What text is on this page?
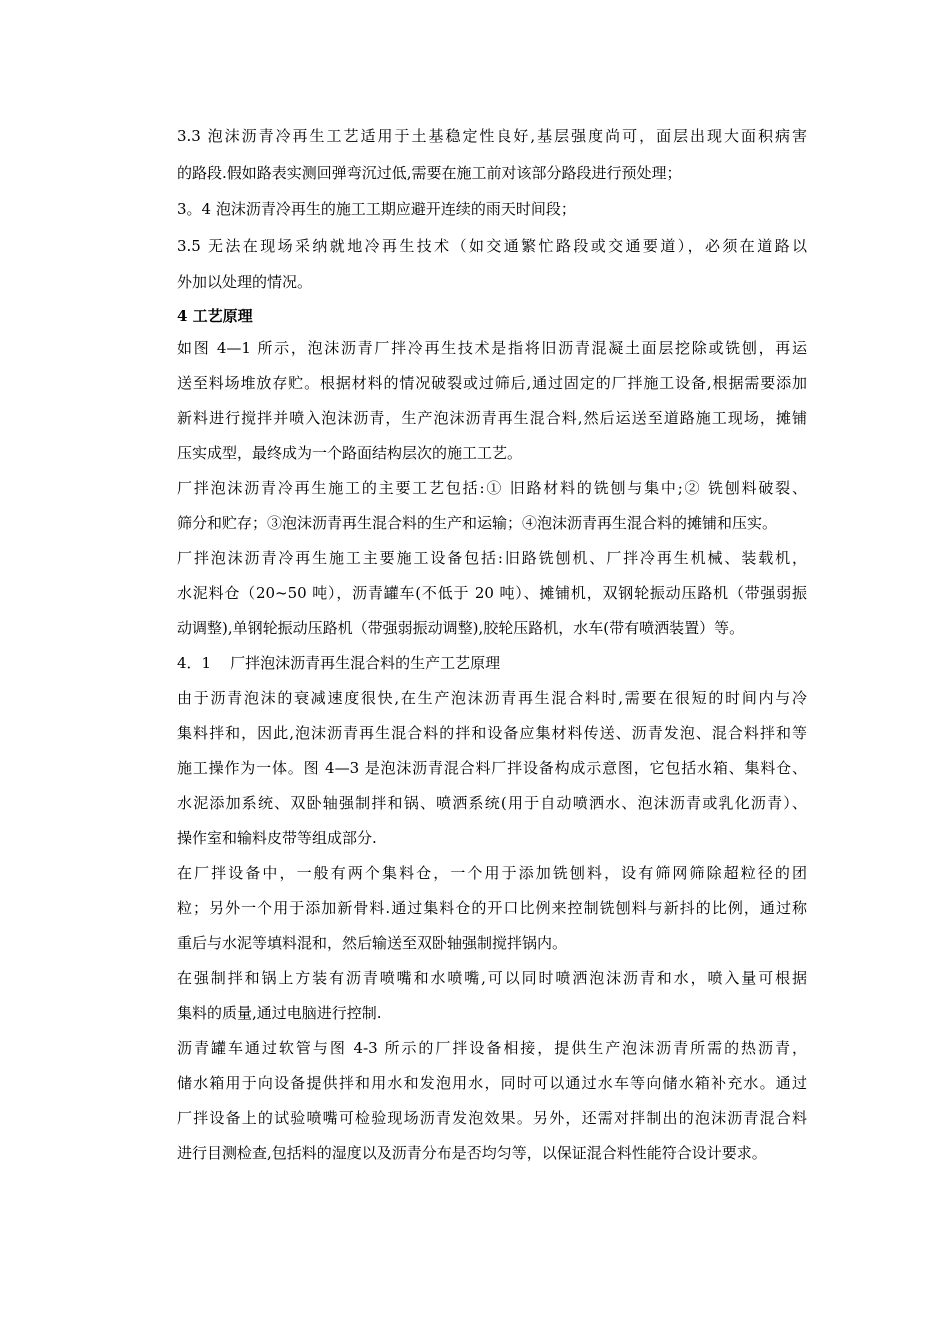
3.3 泡沫沥青冷再生工艺适用于土基稳定性良好,基层强度尚可，面层出现大面积病害
的路段.假如路表实测回弹弯沉过低,需要在施工前对该部分路段进行预处理；

3。4 泡沫沥青冷再生的施工工期应避开连续的雨天时间段；

3.5 无法在现场采纳就地冷再生技术（如交通繁忙路段或交通要道），必须在道路以
外加以处理的情况。

4 工艺原理

如图 4—1 所示，泡沫沥青厂拌冷再生技术是指将旧沥青混凝土面层挖除或铣刨，再运
送至料场堆放存贮。根据材料的情况破裂或过筛后,通过固定的厂拌施工设备,根据需要添加
新料进行搅拌并喷入泡沫沥青，生产泡沫沥青再生混合料,然后运送至道路施工现场，摊铺
压实成型，最终成为一个路面结构层次的施工工艺。

厂拌泡沫沥青冷再生施工的主要工艺包括:① 旧路材料的铣刨与集中;② 铣刨料破裂、
筛分和贮存；③泡沫沥青再生混合料的生产和运输；④泡沫沥青再生混合料的摊铺和压实。

厂拌泡沫沥青冷再生施工主要施工设备包括:旧路铣刨机、厂拌冷再生机械、装载机，
水泥料仓（20~50 吨），沥青罐车(不低于 20 吨）、摊铺机，双钢轮振动压路机（带强弱振
动调整),单钢轮振动压路机（带强弱振动调整),胶轮压路机，水车(带有喷洒装置）等。

4．1    厂拌泡沫沥青再生混合料的生产工艺原理

由于沥青泡沫的衰减速度很快,在生产泡沫沥青再生混合料时,需要在很短的时间内与冷
集料拌和，因此,泡沫沥青再生混合料的拌和设备应集材料传送、沥青发泡、混合料拌和等
施工操作为一体。图 4—3 是泡沫沥青混合料厂拌设备构成示意图，它包括水箱、集料仓、
水泥添加系统、双卧轴强制拌和锅、喷洒系统(用于自动喷洒水、泡沫沥青或乳化沥青）、
操作室和输料皮带等组成部分.

在厂拌设备中，一般有两个集料仓，一个用于添加铣刨料，设有筛网筛除超粒径的团
粒；另外一个用于添加新骨料.通过集料仓的开口比例来控制铣刨料与新抖的比例，通过称
重后与水泥等填料混和，然后输送至双卧轴强制搅拌锅内。

在强制拌和锅上方装有沥青喷嘴和水喷嘴,可以同时喷洒泡沫沥青和水，喷入量可根据
集料的质量,通过电脑进行控制.

沥青罐车通过软管与图 4-3 所示的厂拌设备相接，提供生产泡沫沥青所需的热沥青，
储水箱用于向设备提供拌和用水和发泡用水，同时可以通过水车等向储水箱补充水。通过
厂拌设备上的试验喷嘴可检验现场沥青发泡效果。另外，还需对拌制出的泡沫沥青混合料
进行目测检查,包括料的湿度以及沥青分布是否均匀等，以保证混合料性能符合设计要求。
